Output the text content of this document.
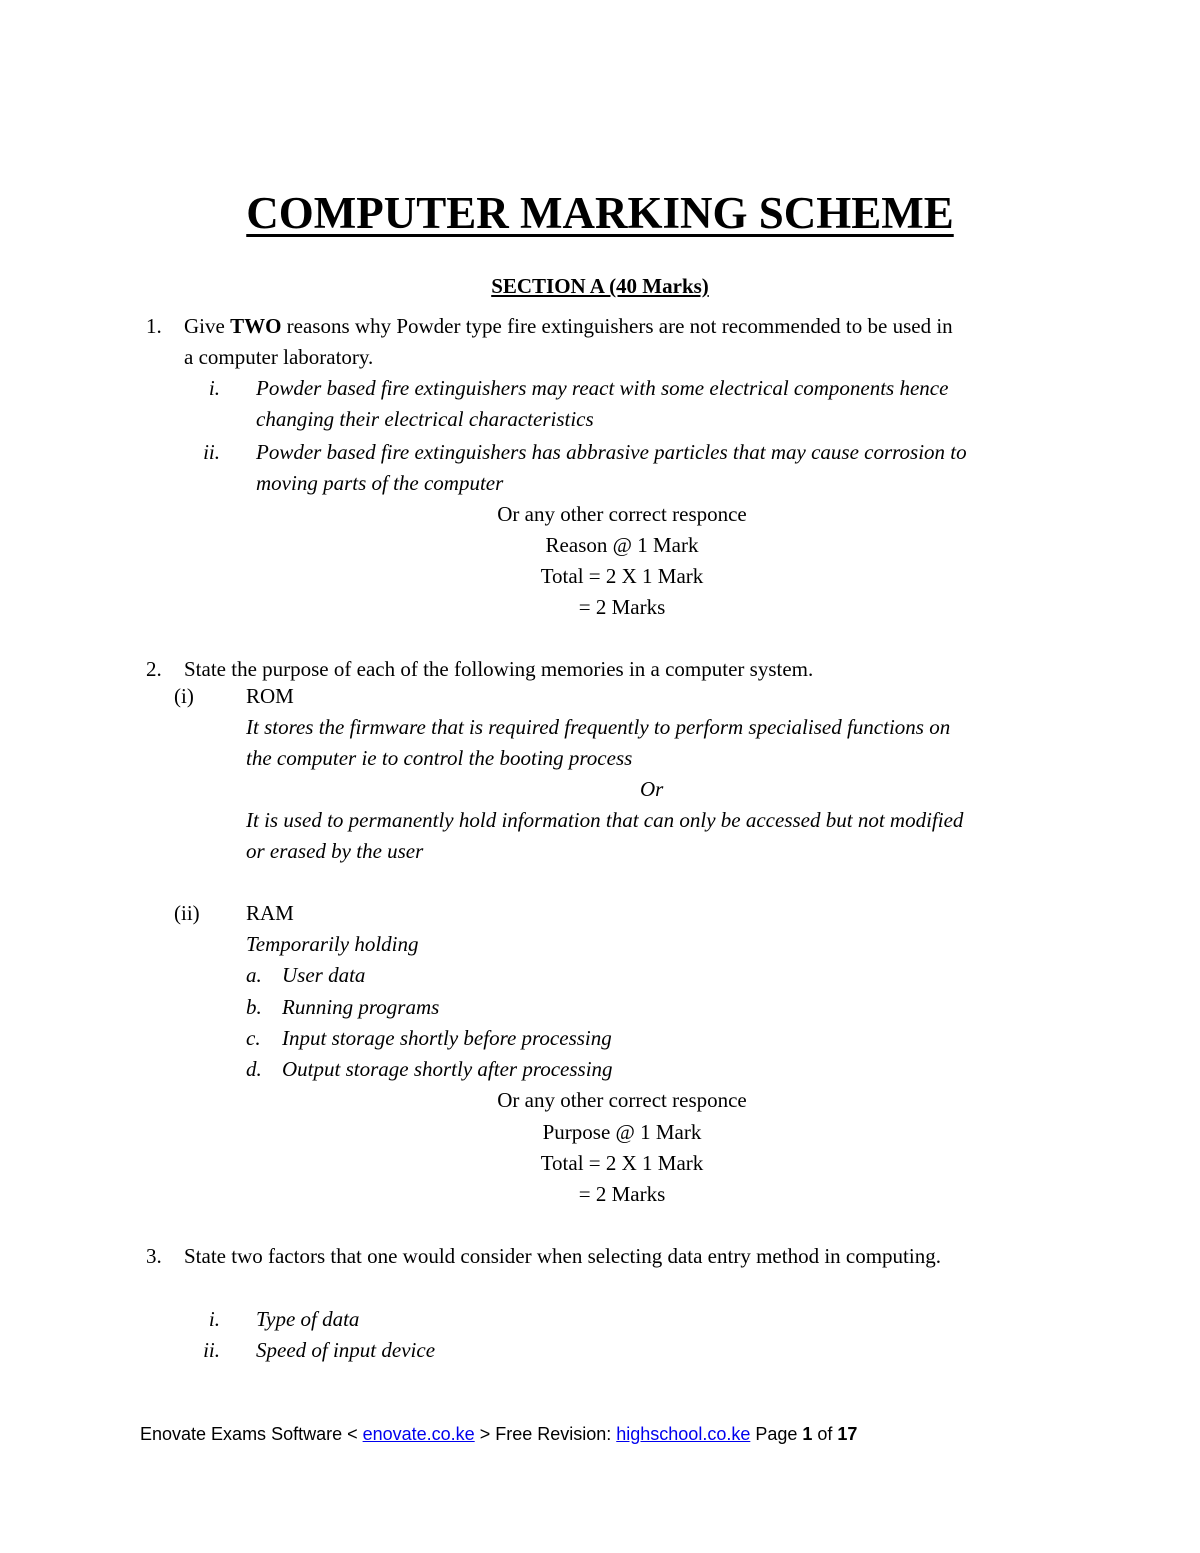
COMPUTER MARKING SCHEME
SECTION A (40 Marks)
1. Give TWO reasons why Powder type fire extinguishers are not recommended to be used in
a computer laboratory.
i. Powder based fire extinguishers may react with some electrical components hence
changing their electrical characteristics
ii. Powder based fire extinguishers has abbrasive particles that may cause corrosion to
moving parts of the computer
Or any other correct responce
Reason @ 1 Mark
Total = 2 X 1 Mark
= 2 Marks
2. State the purpose of each of the following memories in a computer system.
(i) ROM
It stores the firmware that is required frequently to perform specialised functions on
the computer ie to control the booting process
Or
It is used to permanently hold information that can only be accessed but not modified
or erased by the user
(ii) RAM
Temporarily holding
a. User data
b. Running programs
c. Input storage shortly before processing
d. Output storage shortly after processing
Or any other correct responce
Purpose @ 1 Mark
Total = 2 X 1 Mark
= 2 Marks
3. State two factors that one would consider when selecting data entry method in computing.
i. Type of data
ii. Speed of input device
Enovate Exams Software < enovate.co.ke > Free Revision: highschool.co.ke Page 1 of 17
